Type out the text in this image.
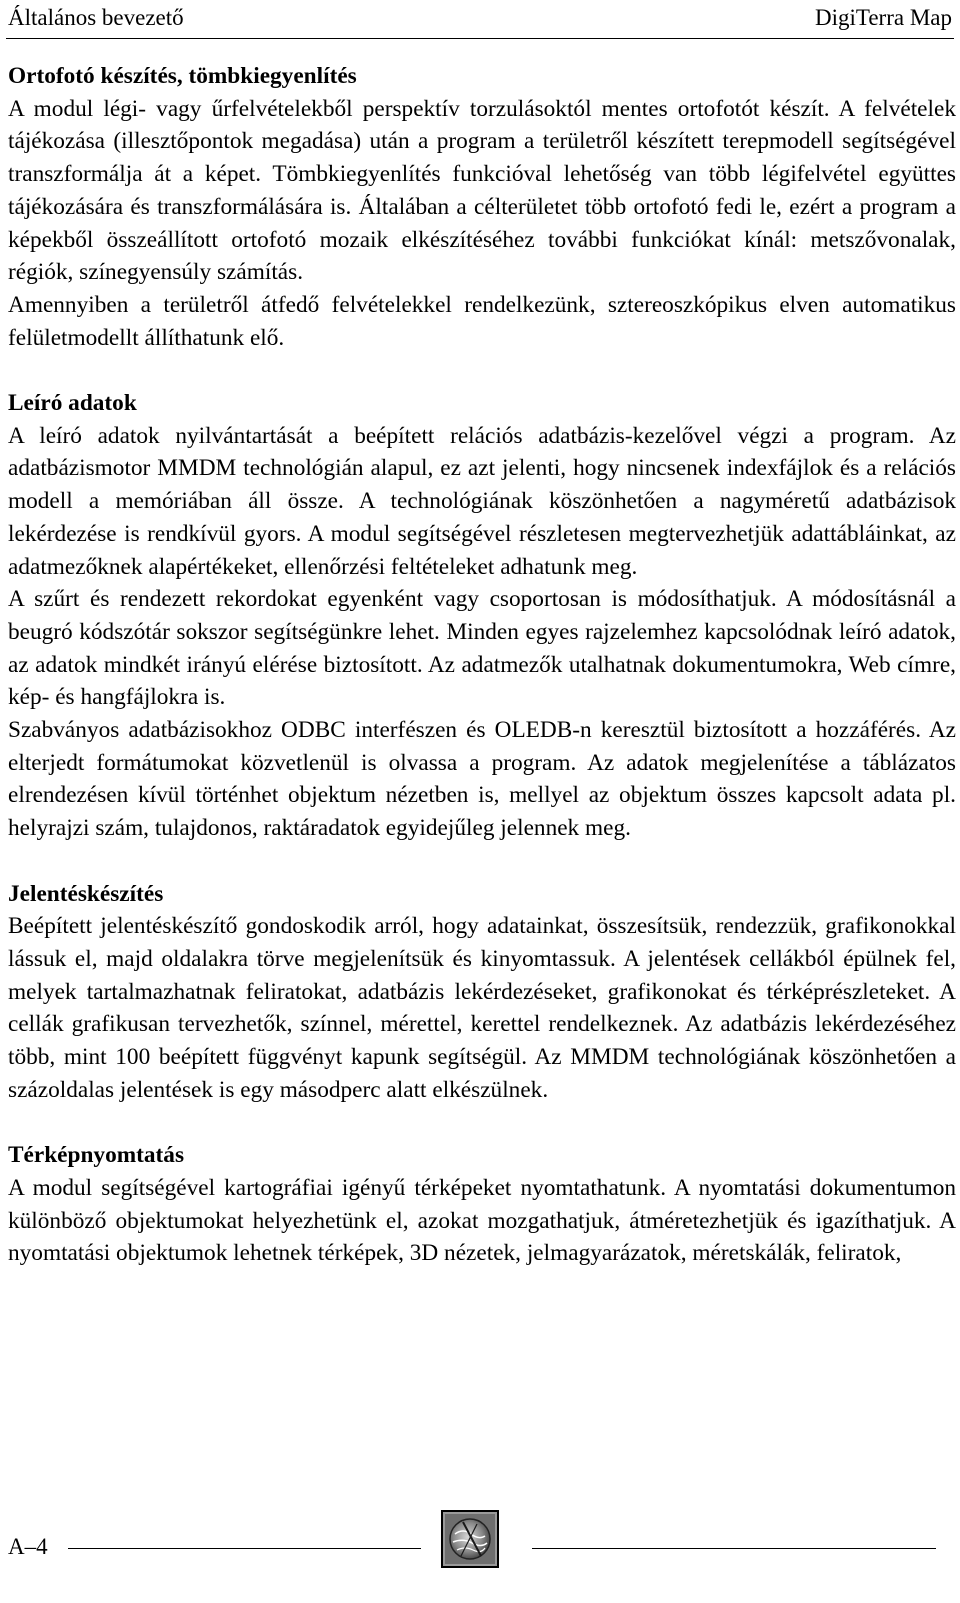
Általános bevezető	DigiTerra Map
Ortofotó készítés, tömbkiegyenlítés

A modul légi- vagy űrfelvételekből perspektív torzulásoktól mentes ortofotót készít. A felvételek tájékozása (illesztőpontok megadása) után a program a területről készített terepmodell segítségével transzformálja át a képet. Tömbkiegyenlítés funkcióval lehetőség van több légifelvétel együttes tájékozására és transzformálására is. Általában a célterületet több ortofotó fedi le, ezért a program a képekből összeállított ortofotó mozaik elkészítéséhez további funkciókat kínál: metszővonalak, régiók, színegyensúly számítás.

Amennyiben a területről átfedő felvételekkel rendelkezünk, sztereoszkópikus elven automatikus felületmodellt állíthatunk elő.

Leíró adatok

A leíró adatok nyilvántartását a beépített relációs adatbázis-kezelővel végzi a program. Az adatbázismotor MMDM technológián alapul, ez azt jelenti, hogy nincsenek indexfájlok és a relációs modell a memóriában áll össze. A technológiának köszönhetően a nagyméretű adatbázisok lekérdezése is rendkívül gyors. A modul segítségével részletesen megtervezhetjük adattábláinkat, az adatmezőknek alapértékeket, ellenőrzési feltételeket adhatunk meg.

A szűrt és rendezett rekordokat egyenként vagy csoportosan is módosíthatjuk. A módosításnál a beugró kódszótár sokszor segítségünkre lehet. Minden egyes rajzelemhez kapcsolódnak leíró adatok, az adatok mindkét irányú elérése biztosított. Az adatmezők utalhatnak dokumentumokra, Web címre, kép- és hangfájlokra is.

Szabványos adatbázisokhoz ODBC interfészen és OLEDB-n keresztül biztosított a hozzáférés. Az elterjedt formátumokat közvetlenül is olvassa a program. Az adatok megjelenítése a táblázatos elrendezésen kívül történhet objektum nézetben is, mellyel az objektum összes kapcsolt adata pl. helyrajzi szám, tulajdonos, raktáradatok egyidejűleg jelennek meg.

Jelentéskészítés

Beépített jelentéskészítő gondoskodik arról, hogy adatainkat, összesítsük, rendezzük, grafikonokkal lássuk el, majd oldalakra törve megjelenítsük és kinyomtassuk. A jelentések cellákból épülnek fel, melyek tartalmazhatnak feliratokat, adatbázis lekérdezéseket, grafikonokat és térképrészleteket. A cellák grafikusan tervezhetők, színnel, mérettel, kerettel rendelkeznek. Az adatbázis lekérdezéséhez több, mint 100 beépített függvényt kapunk segítségül. Az MMDM technológiának köszönhetően a százoldalas jelentések is egy másodperc alatt elkészülnek.

Térképnyomtatás

A modul segítségével kartográfiai igényű térképeket nyomtathatunk. A nyomtatási dokumentumon különböző objektumokat helyezhetünk el, azokat mozgathatjuk, átméretezhetjük és igazíthatjuk. A nyomtatási objektumok lehetnek térképek, 3D nézetek, jelmagyarázatok, méretskálák, feliratok,

A–4
